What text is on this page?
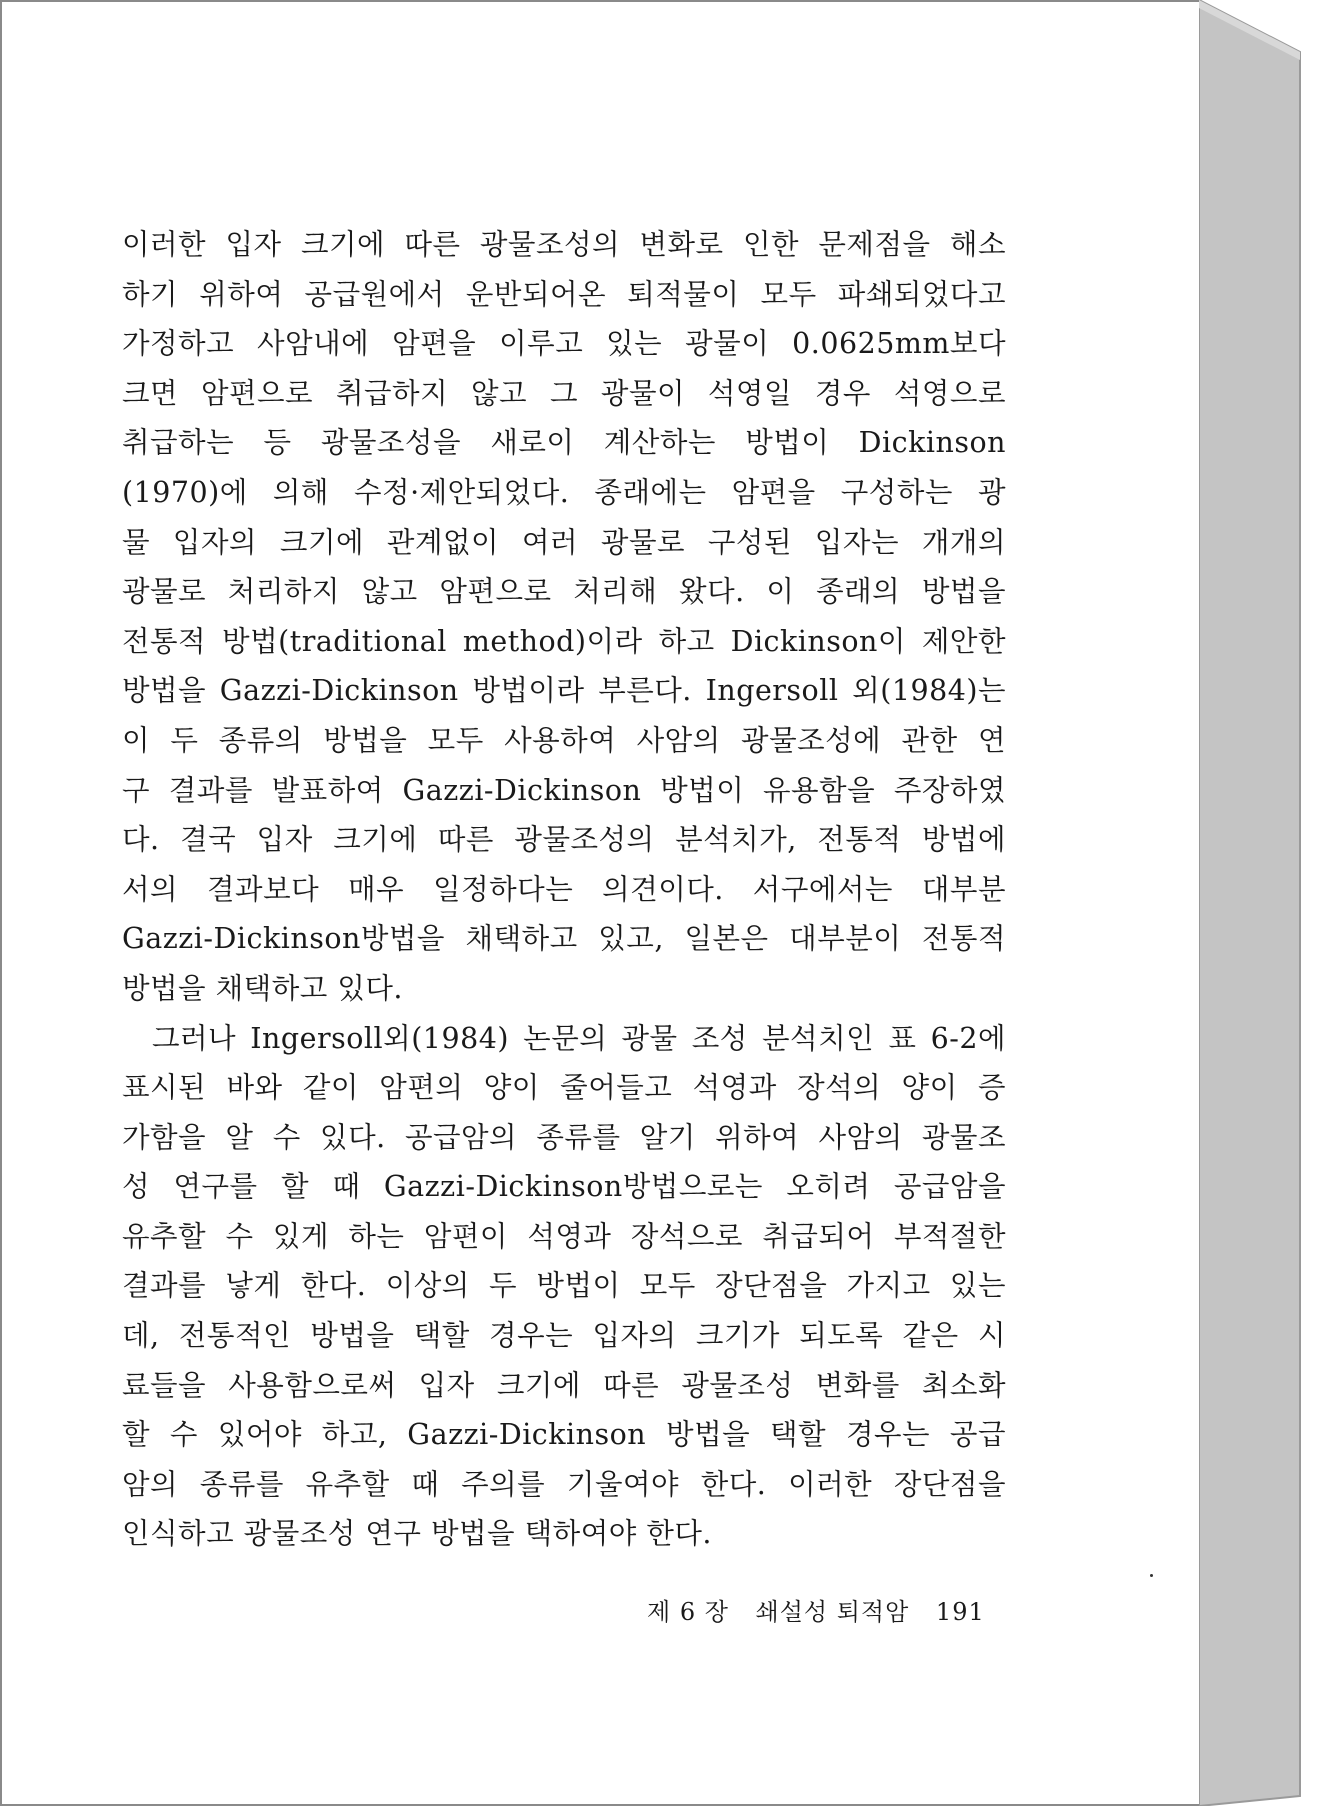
이러한 입자 크기에 따른 광물조성의 변화로 인한 문제점을 해소
하기 위하여 공급원에서 운반되어온 퇴적물이 모두 파쇄되었다고
가정하고 사암내에 암편을 이루고 있는 광물이 0.0625mm보다
크면 암편으로 취급하지 않고 그 광물이 석영일 경우 석영으로
취급하는 등 광물조성을 새로이 계산하는 방법이 Dickinson
(1970)에 의해 수정·제안되었다. 종래에는 암편을 구성하는 광
물 입자의 크기에 관계없이 여러 광물로 구성된 입자는 개개의
광물로 처리하지 않고 암편으로 처리해 왔다. 이 종래의 방법을
전통적 방법(traditional method)이라 하고 Dickinson이 제안한
방법을 Gazzi-Dickinson 방법이라 부른다. Ingersoll 외(1984)는
이 두 종류의 방법을 모두 사용하여 사암의 광물조성에 관한 연
구 결과를 발표하여 Gazzi-Dickinson 방법이 유용함을 주장하였
다. 결국 입자 크기에 따른 광물조성의 분석치가, 전통적 방법에
서의 결과보다 매우 일정하다는 의견이다. 서구에서는 대부분
Gazzi-Dickinson방법을 채택하고 있고, 일본은 대부분이 전통적
방법을 채택하고 있다.
그러나 Ingersoll외(1984) 논문의 광물 조성 분석치인 표 6-2에
표시된 바와 같이 암편의 양이 줄어들고 석영과 장석의 양이 증
가함을 알 수 있다. 공급암의 종류를 알기 위하여 사암의 광물조
성 연구를 할 때 Gazzi-Dickinson방법으로는 오히려 공급암을
유추할 수 있게 하는 암편이 석영과 장석으로 취급되어 부적절한
결과를 낳게 한다. 이상의 두 방법이 모두 장단점을 가지고 있는
데, 전통적인 방법을 택할 경우는 입자의 크기가 되도록 같은 시
료들을 사용함으로써 입자 크기에 따른 광물조성 변화를 최소화
할 수 있어야 하고, Gazzi-Dickinson 방법을 택할 경우는 공급
암의 종류를 유추할 때 주의를 기울여야 한다. 이러한 장단점을
인식하고 광물조성 연구 방법을 택하여야 한다.
제 6 장 쇄설성 퇴적암 191
